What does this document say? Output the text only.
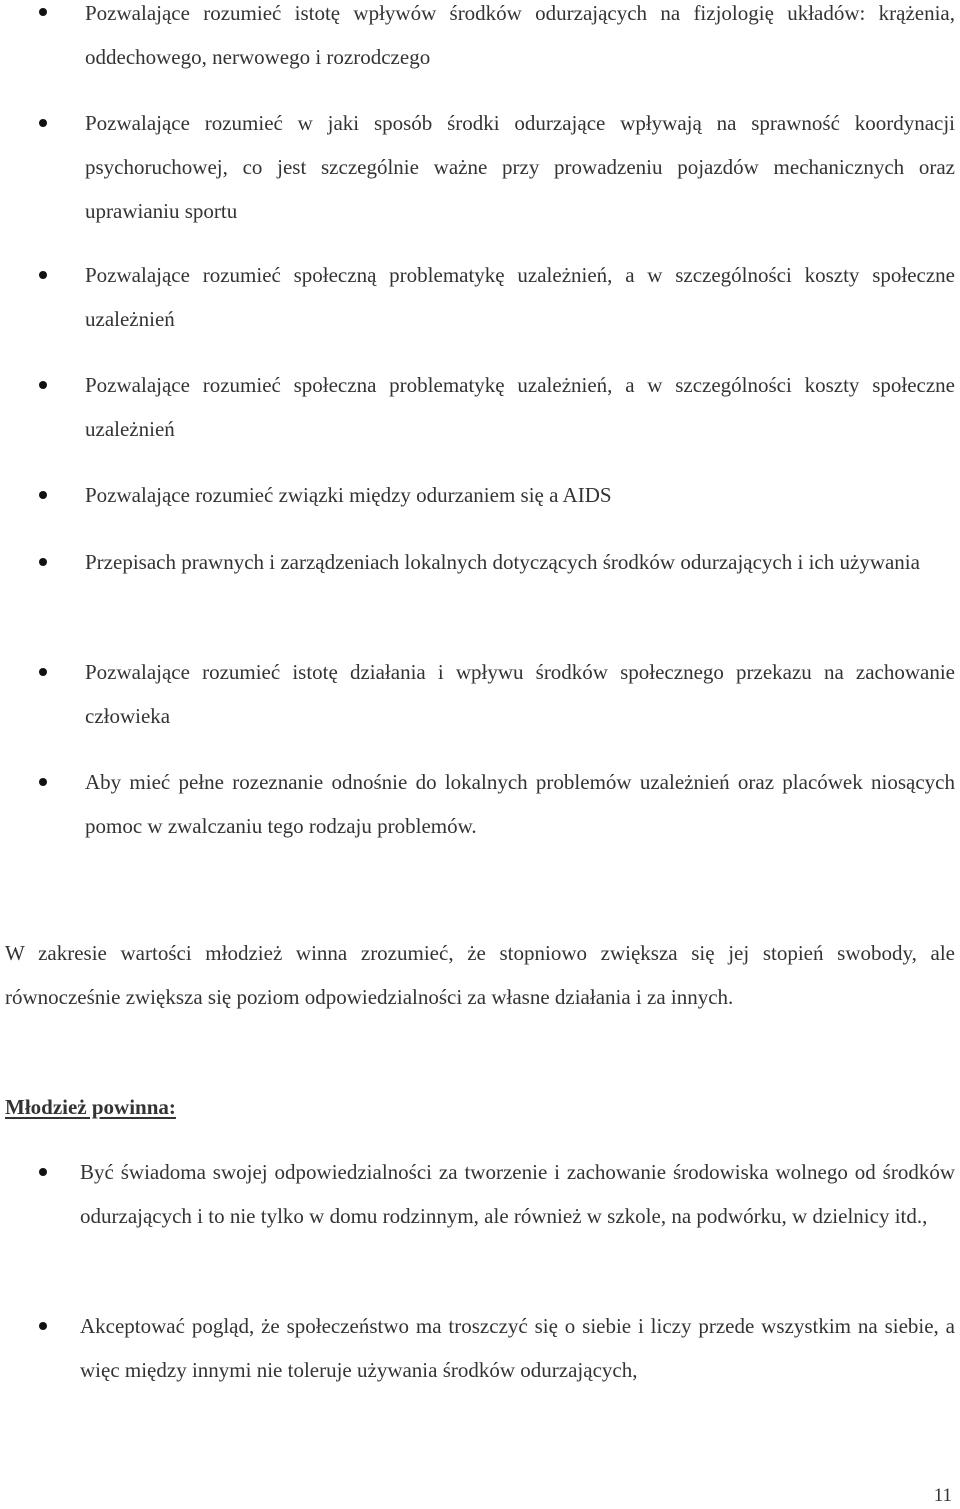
Pozwalające rozumieć istotę wpływów środków odurzających na fizjologię układów: krążenia, oddechowego, nerwowego i rozrodczego
Pozwalające rozumieć w jaki sposób środki odurzające wpływają na sprawność koordynacji psychoruchowej, co jest szczególnie ważne przy prowadzeniu pojazdów mechanicznych oraz uprawianiu sportu
Pozwalające rozumieć społeczną problematykę uzależnień, a w szczególności koszty społeczne uzależnień
Pozwalające rozumieć społeczna problematykę uzależnień, a w szczególności koszty społeczne uzależnień
Pozwalające rozumieć związki między odurzaniem się a AIDS
Przepisach prawnych i zarządzeniach lokalnych dotyczących środków odurzających i ich używania
Pozwalające rozumieć istotę działania i wpływu środków społecznego przekazu na zachowanie człowieka
Aby mieć pełne rozeznanie odnośnie do lokalnych problemów uzależnień oraz placówek niosących pomoc w zwalczaniu tego rodzaju problemów.
W zakresie wartości młodzież winna zrozumieć, że stopniowo zwiększa się jej stopień swobody, ale równocześnie zwiększa się poziom odpowiedzialności za własne działania i za innych.
Młodzież powinna:
Być świadoma swojej odpowiedzialności za tworzenie i zachowanie środowiska wolnego od środków odurzających i to nie tylko w domu rodzinnym, ale również w szkole, na podwórku, w dzielnicy itd.,
Akceptować pogląd, że społeczeństwo ma troszczyć się o siebie i liczy przede wszystkim na siebie, a więc między innymi nie toleruje używania środków odurzających,
11
